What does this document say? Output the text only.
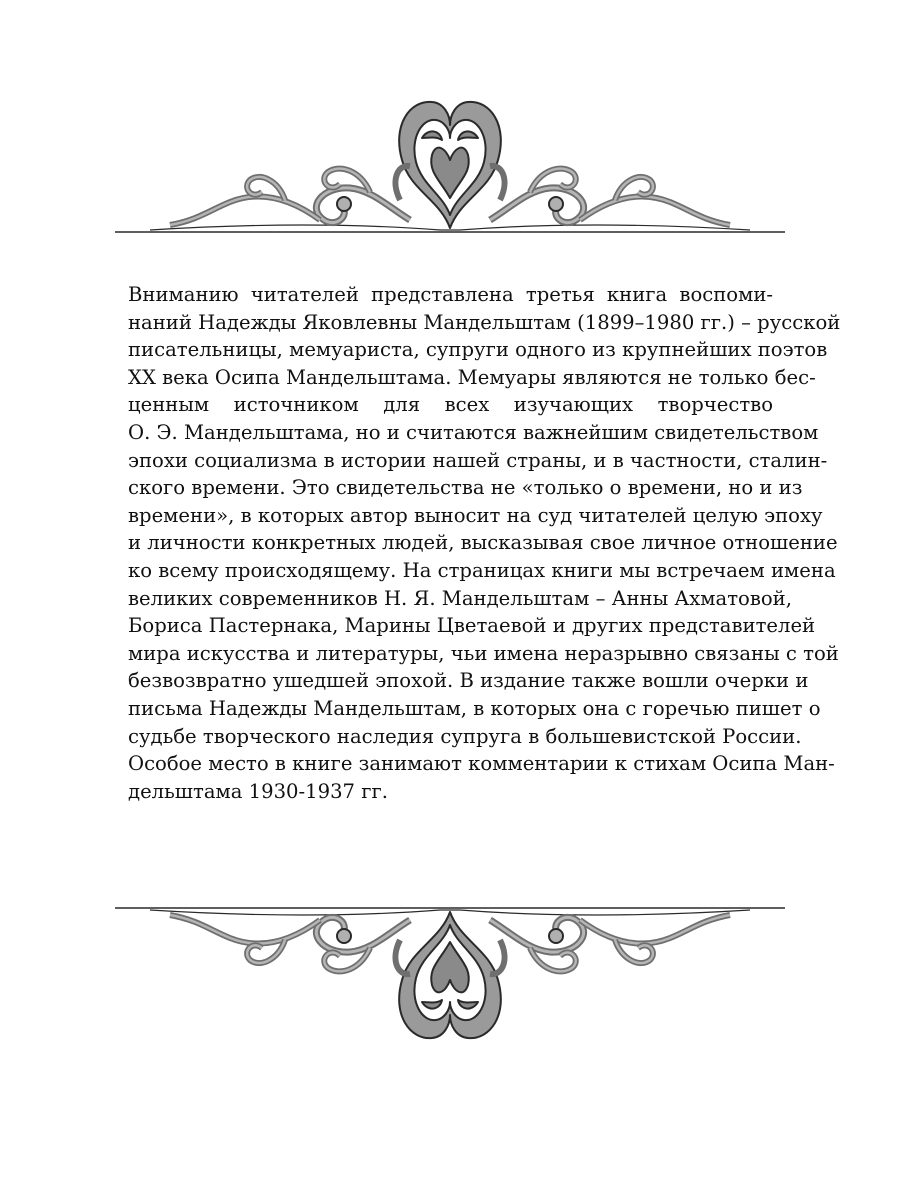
Вниманию читателей представлена третья книга воспоми-
наний Надежды Яковлевны Мандельштам (1899–1980 гг.) – русской
писательницы, мемуариста, супруги одного из крупнейших поэтов
XX века Осипа Мандельштама. Мемуары являются не только бес-
ценным источником для всех изучающих творчество
О. Э. Мандельштама, но и считаются важнейшим свидетельством
эпохи социализма в истории нашей страны, и в частности, сталин-
ского времени. Это свидетельства не «только о времени, но и из
времени», в которых автор выносит на суд читателей целую эпоху
и личности конкретных людей, высказывая свое личное отношение
ко всему происходящему. На страницах книги мы встречаем имена
великих современников Н. Я. Мандельштам – Анны Ахматовой,
Бориса Пастернака, Марины Цветаевой и других представителей
мира искусства и литературы, чьи имена неразрывно связаны с той
безвозвратно ушедшей эпохой. В издание также вошли очерки и
письма Надежды Мандельштам, в которых она с горечью пишет о
судьбе творческого наследия супруга в большевистской России.
Особое место в книге занимают комментарии к стихам Осипа Ман-
дельштама 1930-1937 гг.
